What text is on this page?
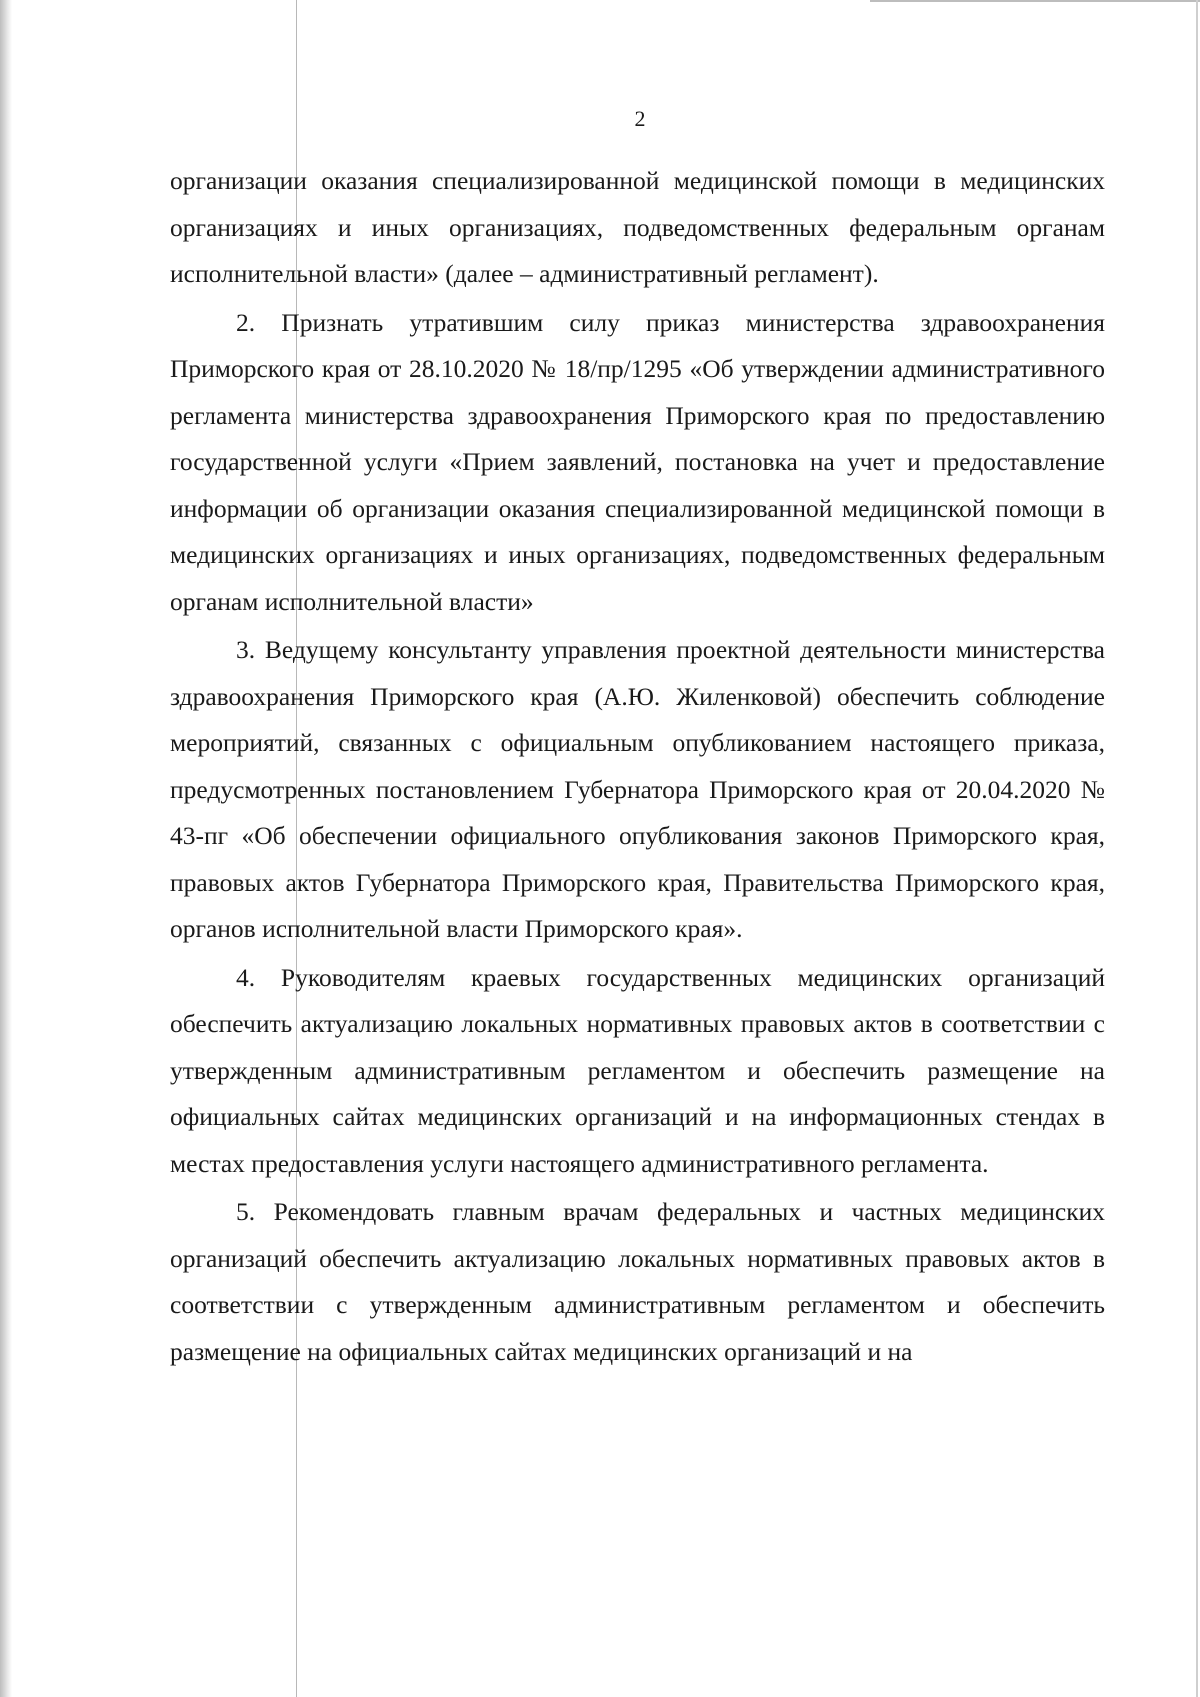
2

организации оказания специализированной медицинской помощи в медицинских организациях и иных организациях, подведомственных федеральным органам исполнительной власти» (далее – административный регламент).

2. Признать утратившим силу приказ министерства здравоохранения Приморского края от 28.10.2020 № 18/пр/1295 «Об утверждении административного регламента министерства здравоохранения Приморского края по предоставлению государственной услуги «Прием заявлений, постановка на учет и предоставление информации об организации оказания специализированной медицинской помощи в медицинских организациях и иных организациях, подведомственных федеральным органам исполнительной власти»

3. Ведущему консультанту управления проектной деятельности министерства здравоохранения Приморского края (А.Ю. Жиленковой) обеспечить соблюдение мероприятий, связанных с официальным опубликованием настоящего приказа, предусмотренных постановлением Губернатора Приморского края от 20.04.2020 № 43-пг «Об обеспечении официального опубликования законов Приморского края, правовых актов Губернатора Приморского края, Правительства Приморского края, органов исполнительной власти Приморского края».

4. Руководителям краевых государственных медицинских организаций обеспечить актуализацию локальных нормативных правовых актов в соответствии с утвержденным административным регламентом и обеспечить размещение на официальных сайтах медицинских организаций и на информационных стендах в местах предоставления услуги настоящего административного регламента.

5. Рекомендовать главным врачам федеральных и частных медицинских организаций обеспечить актуализацию локальных нормативных правовых актов в соответствии с утвержденным административным регламентом и обеспечить размещение на официальных сайтах медицинских организаций и на
